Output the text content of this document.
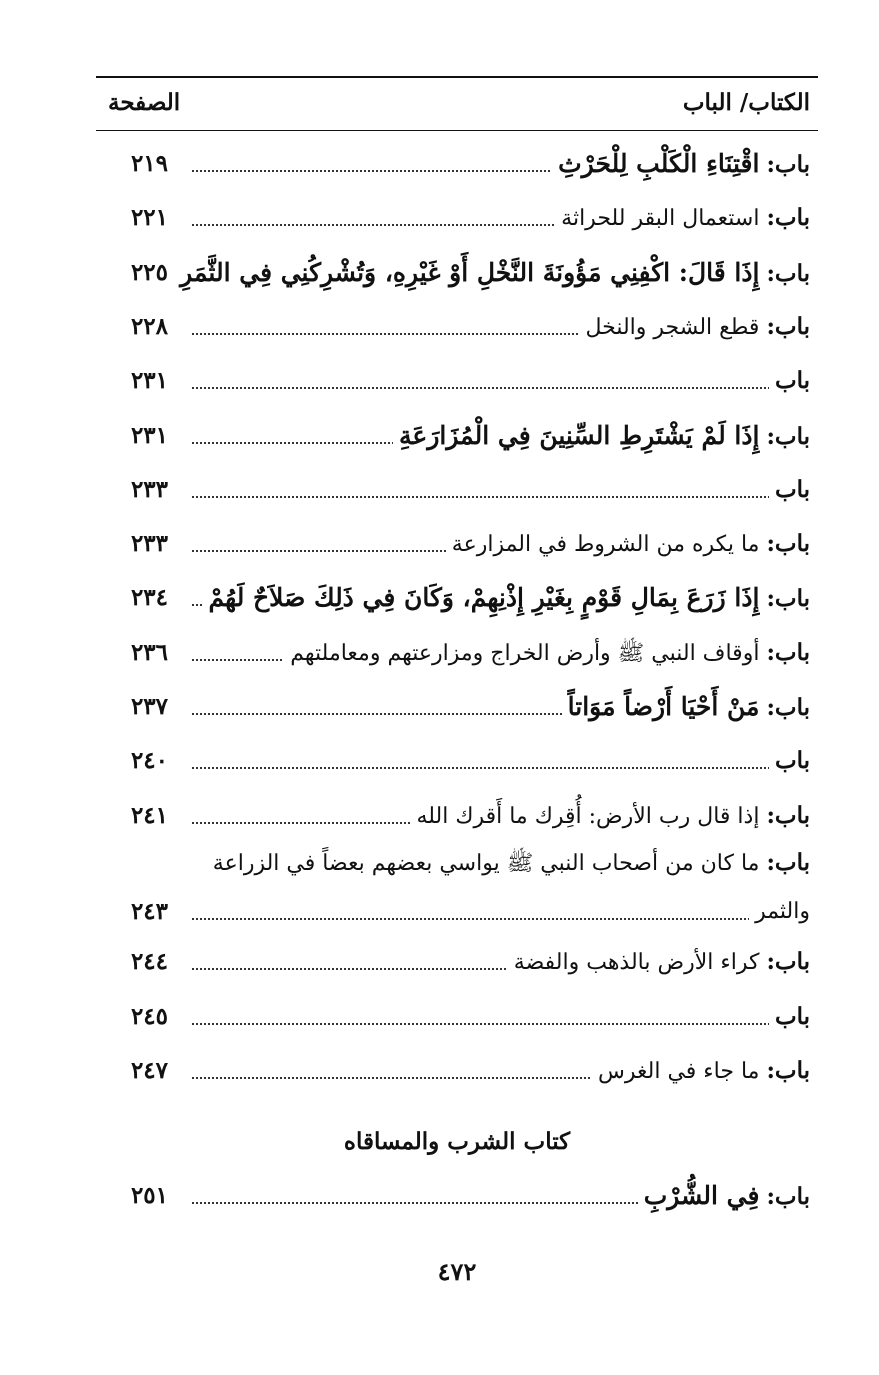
الكتاب/ الباب
الصفحة
باب: اقْتِنَاءِ الْكَلْبِ لِلْحَرْثِ
٢١٩
باب: استعمال البقر للحراثة
٢٢١
باب: إِذَا قَالَ: اكْفِنِي مَؤُونَةَ النَّخْلِ أَوْ غَيْرِهِ، وَتُشْرِكُنِي فِي الثَّمَرِ
٢٢٥
باب: قطع الشجر والنخل
٢٢٨
باب
٢٣١
باب: إِذَا لَمْ يَشْتَرِطِ السِّنِينَ فِي الْمُزَارَعَةِ
٢٣١
باب
٢٣٣
باب: ما يكره من الشروط في المزارعة
٢٣٣
باب: إِذَا زَرَعَ بِمَالِ قَوْمٍ بِغَيْرِ إِذْنِهِمْ، وَكَانَ فِي ذَلِكَ صَلاَحٌ لَهُمْ
٢٣٤
باب: أوقاف النبي ﷺ وأرض الخراج ومزارعتهم ومعاملتهم
٢٣٦
باب: مَنْ أَحْيَا أَرْضاً مَوَاتاً
٢٣٧
باب
٢٤٠
باب: إذا قال رب الأرض: أُقِرك ما أَقرك الله
٢٤١
باب: ما كان من أصحاب النبي ﷺ يواسي بعضهم بعضاً في الزراعة
والثمر
٢٤٣
باب: كراء الأرض بالذهب والفضة
٢٤٤
باب
٢٤٥
باب: ما جاء في الغرس
٢٤٧
كتاب الشرب والمساقاه
باب: فِي الشُّرْبِ
٢٥١
٤٧٢
